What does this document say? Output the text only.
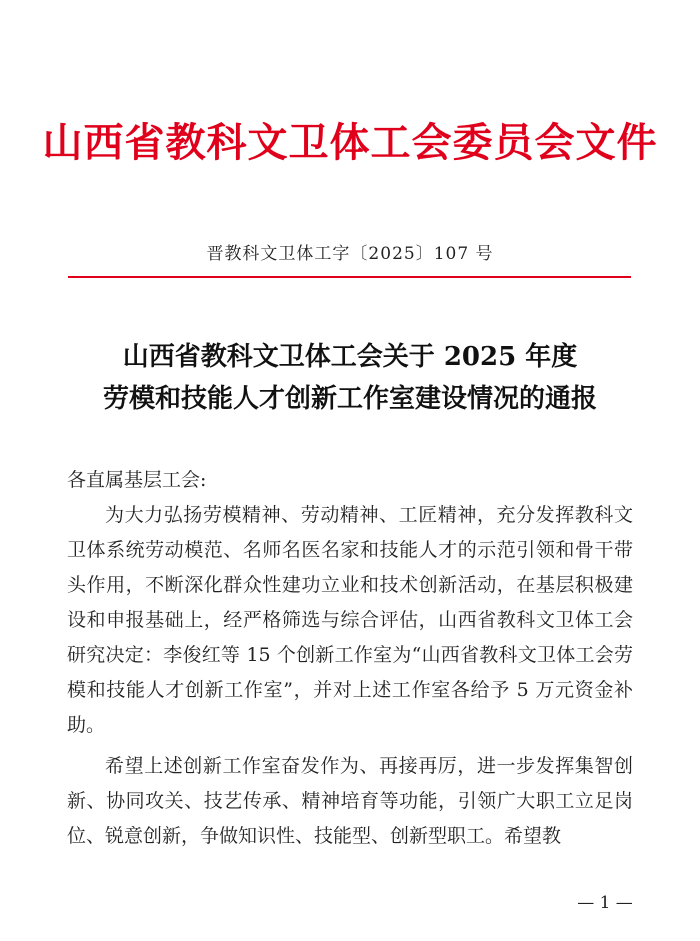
山西省教科文卫体工会委员会文件
晋教科文卫体工字〔2025〕107 号
山西省教科文卫体工会关于 2025 年度
劳模和技能人才创新工作室建设情况的通报

各直属基层工会:

为大力弘扬劳模精神、劳动精神、工匠精神，充分发挥教科文卫体系统劳动模范、名师名医名家和技能人才的示范引领和骨干带头作用，不断深化群众性建功立业和技术创新活动，在基层积极建设和申报基础上，经严格筛选与综合评估，山西省教科文卫体工会研究决定：李俊红等 15 个创新工作室为“山西省教科文卫体工会劳模和技能人才创新工作室”，并对上述工作室各给予 5 万元资金补助。

希望上述创新工作室奋发作为、再接再厉，进一步发挥集智创新、协同攻关、技艺传承、精神培育等功能，引领广大职工立足岗位、锐意创新，争做知识性、技能型、创新型职工。希望教

— 1 —
